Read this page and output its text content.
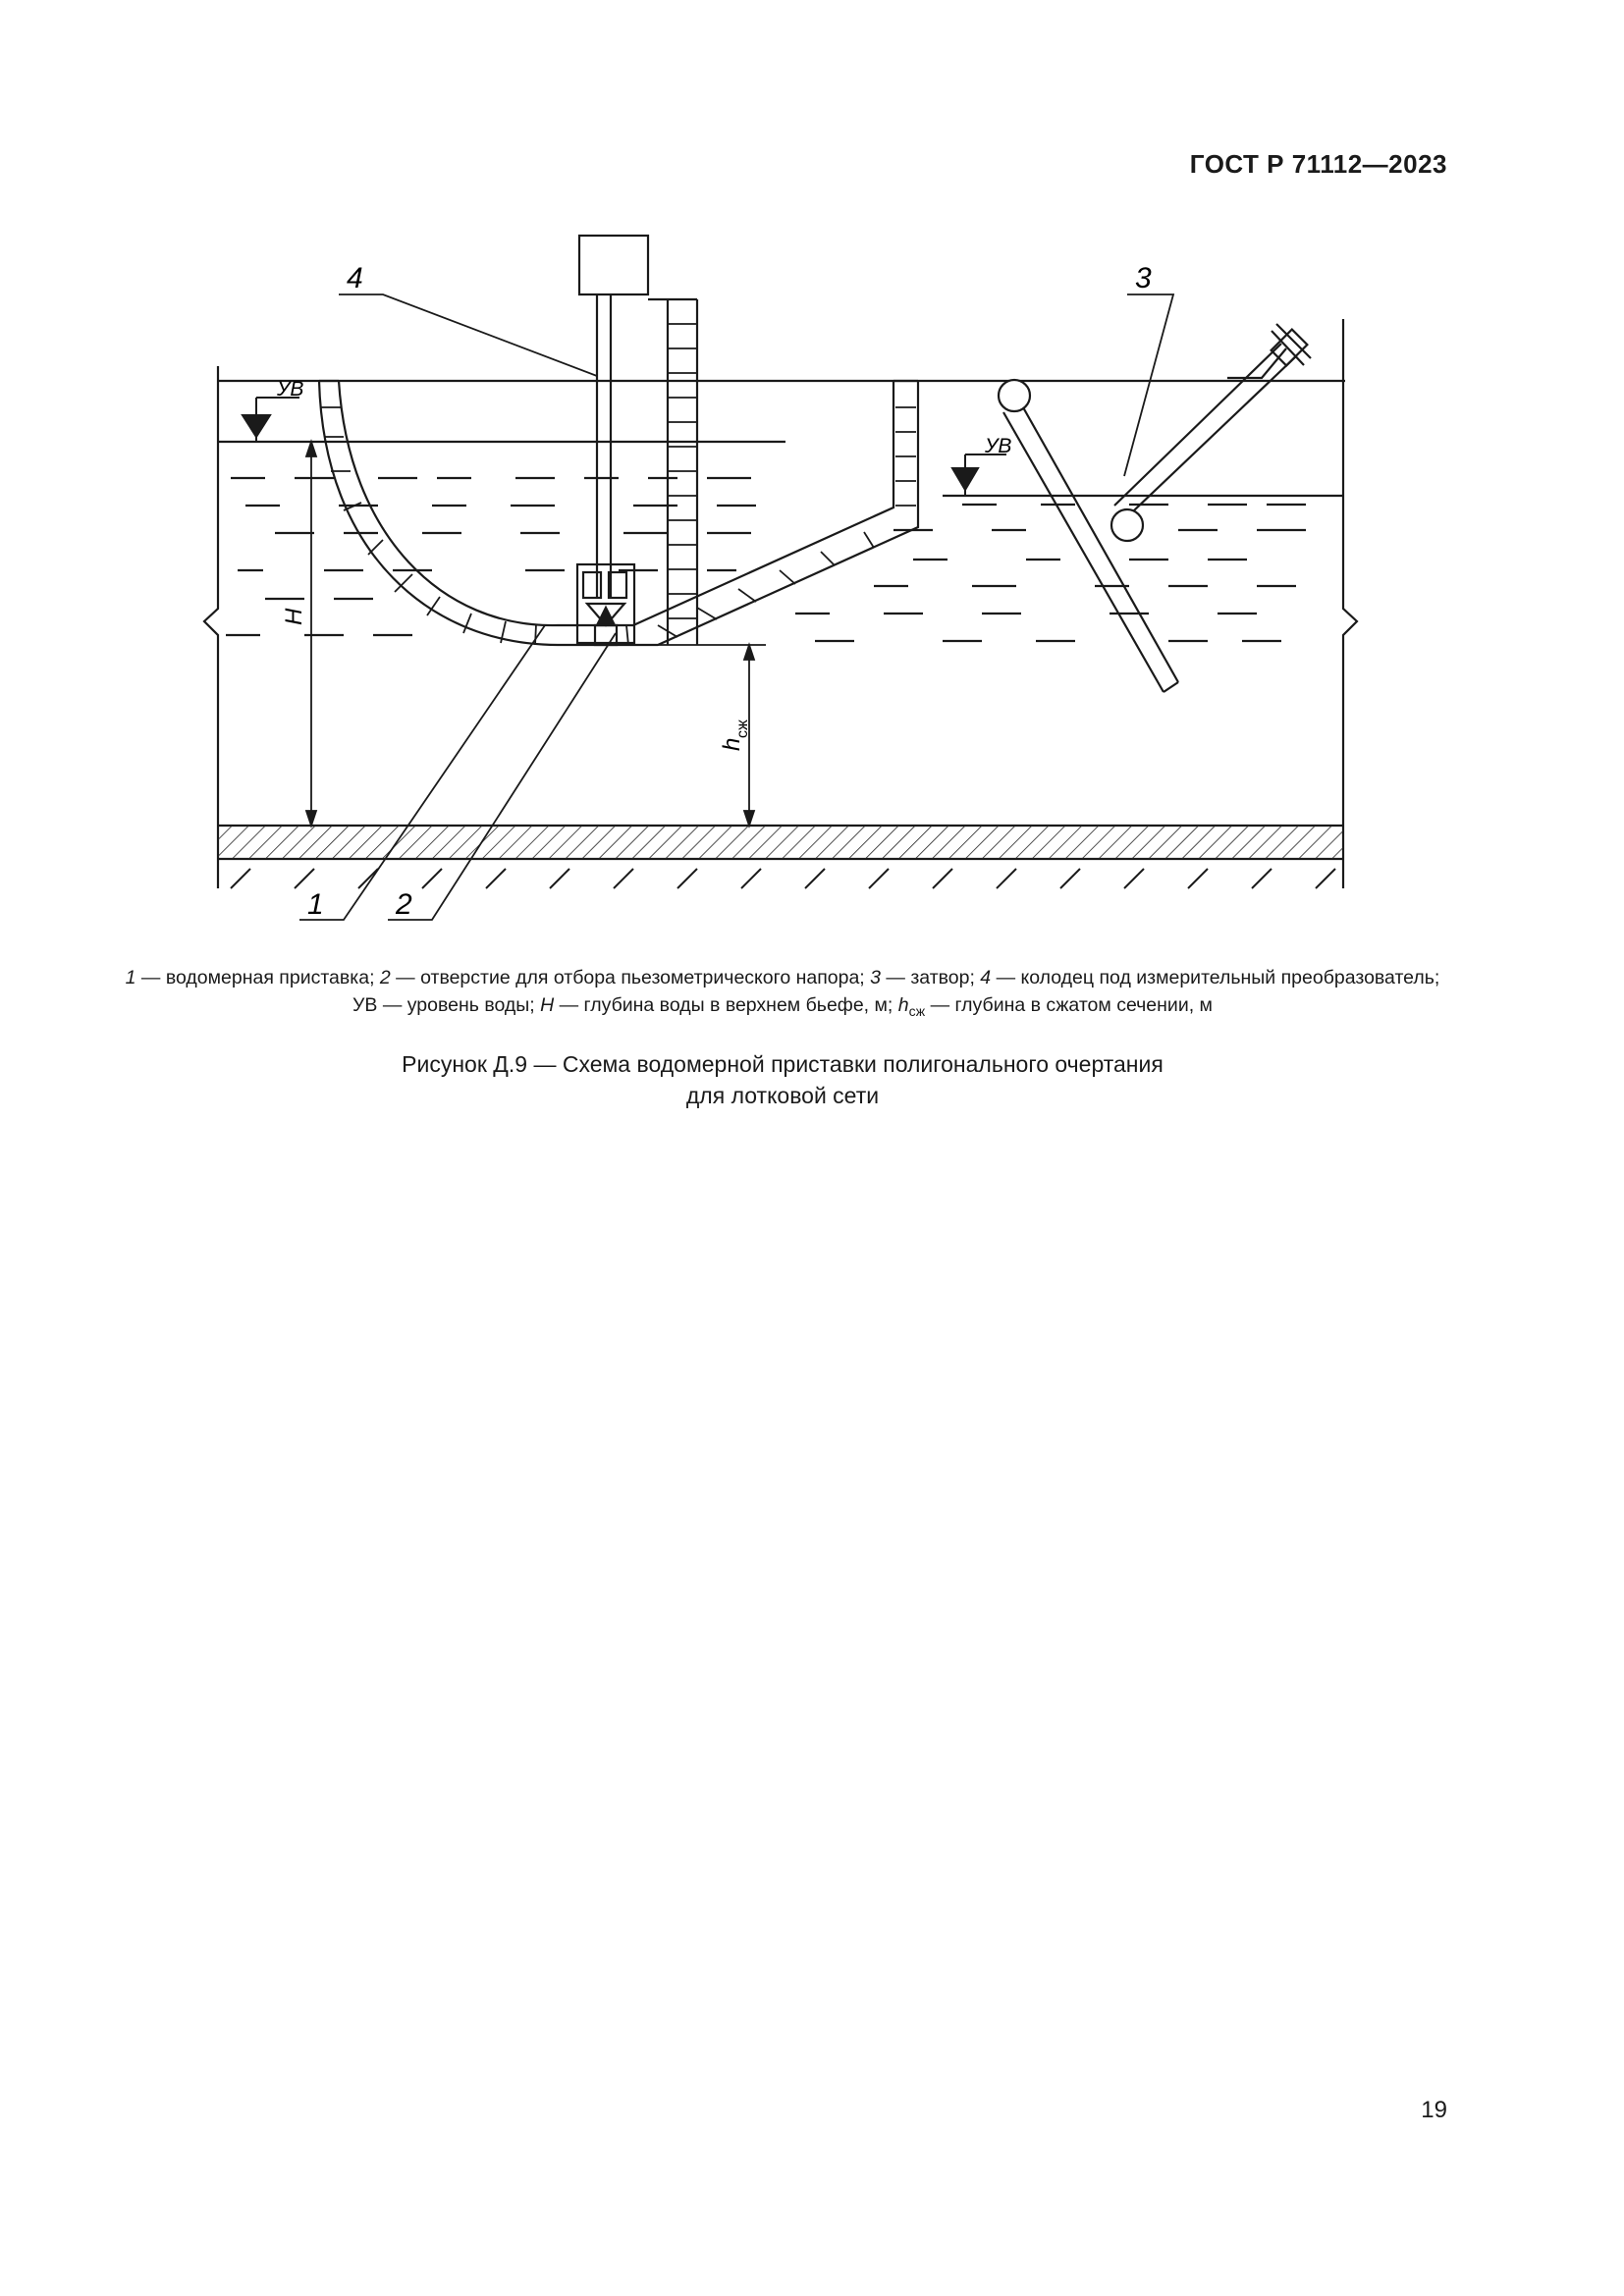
ГОСТ Р 71112—2023
УВ
УВ
4	3
1 2
H
h
сж
1 — водомерная приставка; 2 — отверстие для отбора пьезометрического напора; 3 — затвор; 4 — колодец под измерительный преобразователь; УВ — уровень воды; H — глубина воды в верхнем бьефе, м; $h_{сж}$ — глубина в сжатом сечении, м
Рисунок Д.9 — Схема водомерной приставки полигонального очертания
для лотковой сети
19
